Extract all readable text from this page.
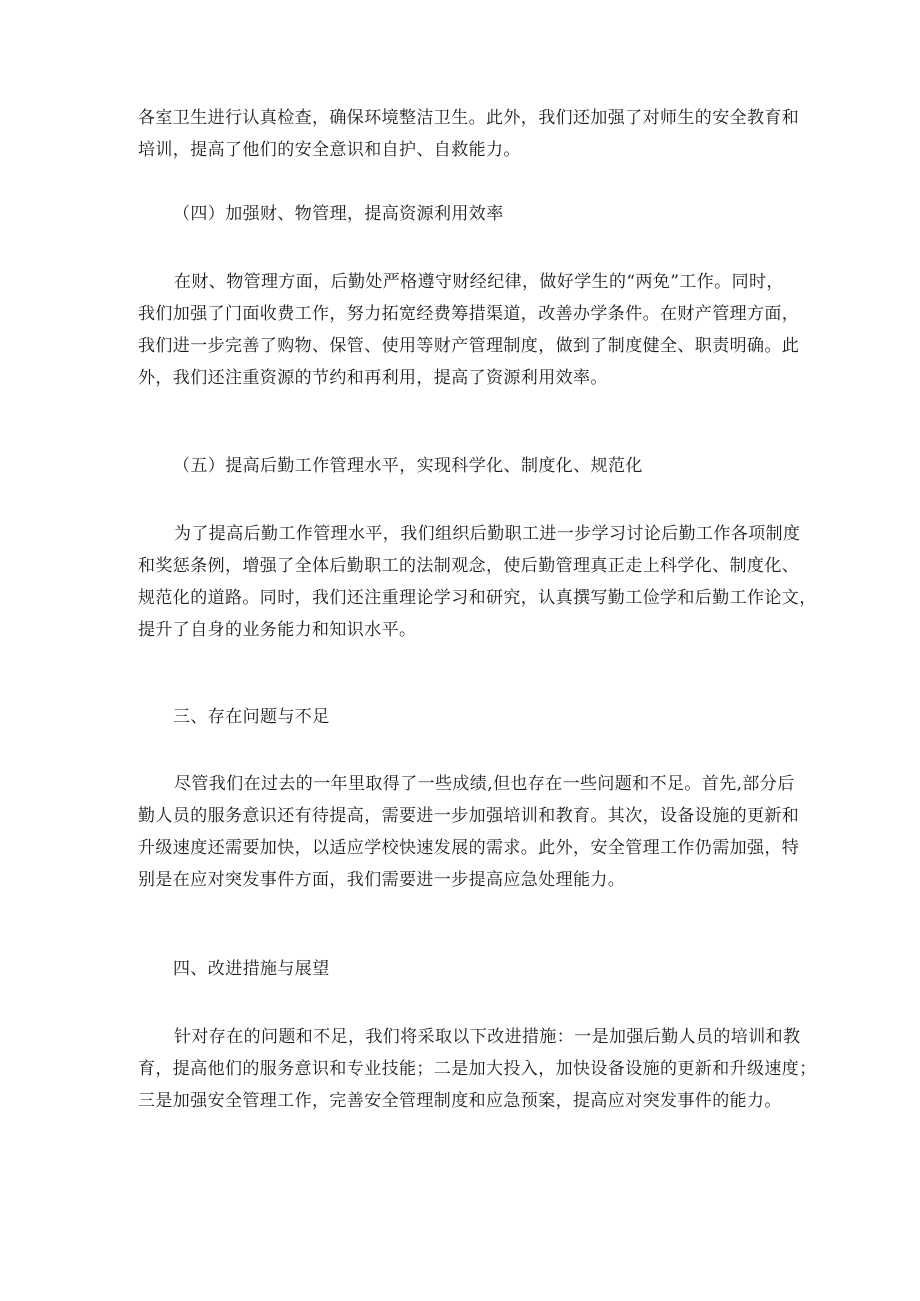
各室卫生进行认真检查，确保环境整洁卫生。此外，我们还加强了对师生的安全教育和
培训，提高了他们的安全意识和自护、自救能力。

（四）加强财、物管理，提高资源利用效率

在财、物管理方面，后勤处严格遵守财经纪律，做好学生的“两免”工作。同时，
我们加强了门面收费工作，努力拓宽经费筹措渠道，改善办学条件。在财产管理方面，
我们进一步完善了购物、保管、使用等财产管理制度，做到了制度健全、职责明确。此
外，我们还注重资源的节约和再利用，提高了资源利用效率。

（五）提高后勤工作管理水平，实现科学化、制度化、规范化

为了提高后勤工作管理水平，我们组织后勤职工进一步学习讨论后勤工作各项制度
和奖惩条例，增强了全体后勤职工的法制观念，使后勤管理真正走上科学化、制度化、
规范化的道路。同时，我们还注重理论学习和研究，认真撰写勤工俭学和后勤工作论文，
提升了自身的业务能力和知识水平。

三、存在问题与不足

尽管我们在过去的一年里取得了一些成绩,但也存在一些问题和不足。首先,部分后
勤人员的服务意识还有待提高，需要进一步加强培训和教育。其次，设备设施的更新和
升级速度还需要加快，以适应学校快速发展的需求。此外，安全管理工作仍需加强，特
别是在应对突发事件方面，我们需要进一步提高应急处理能力。

四、改进措施与展望

针对存在的问题和不足，我们将采取以下改进措施：一是加强后勤人员的培训和教
育，提高他们的服务意识和专业技能；二是加大投入，加快设备设施的更新和升级速度；
三是加强安全管理工作，完善安全管理制度和应急预案，提高应对突发事件的能力。
